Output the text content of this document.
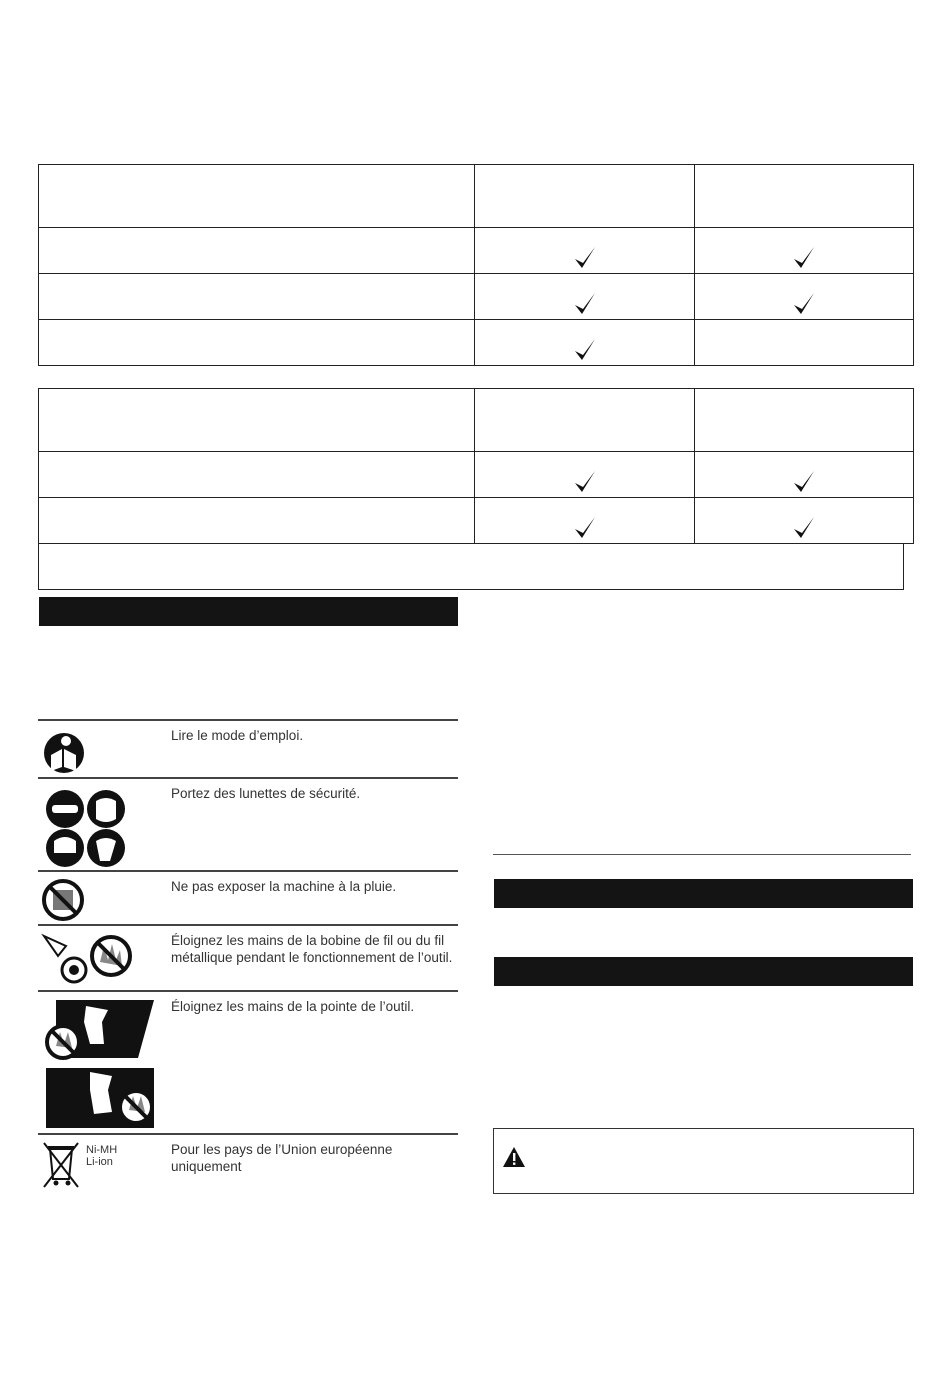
Lire le mode d’emploi.
Portez des lunettes de sécurité.
Ne pas exposer la machine à la pluie.
Éloignez les mains de la bobine de fil ou du fil métallique pendant le fonctionnement de l’outil.
Éloignez les mains de la pointe de l’outil.
Ni-MH
Li-ion
Pour les pays de l’Union européenne uniquement
